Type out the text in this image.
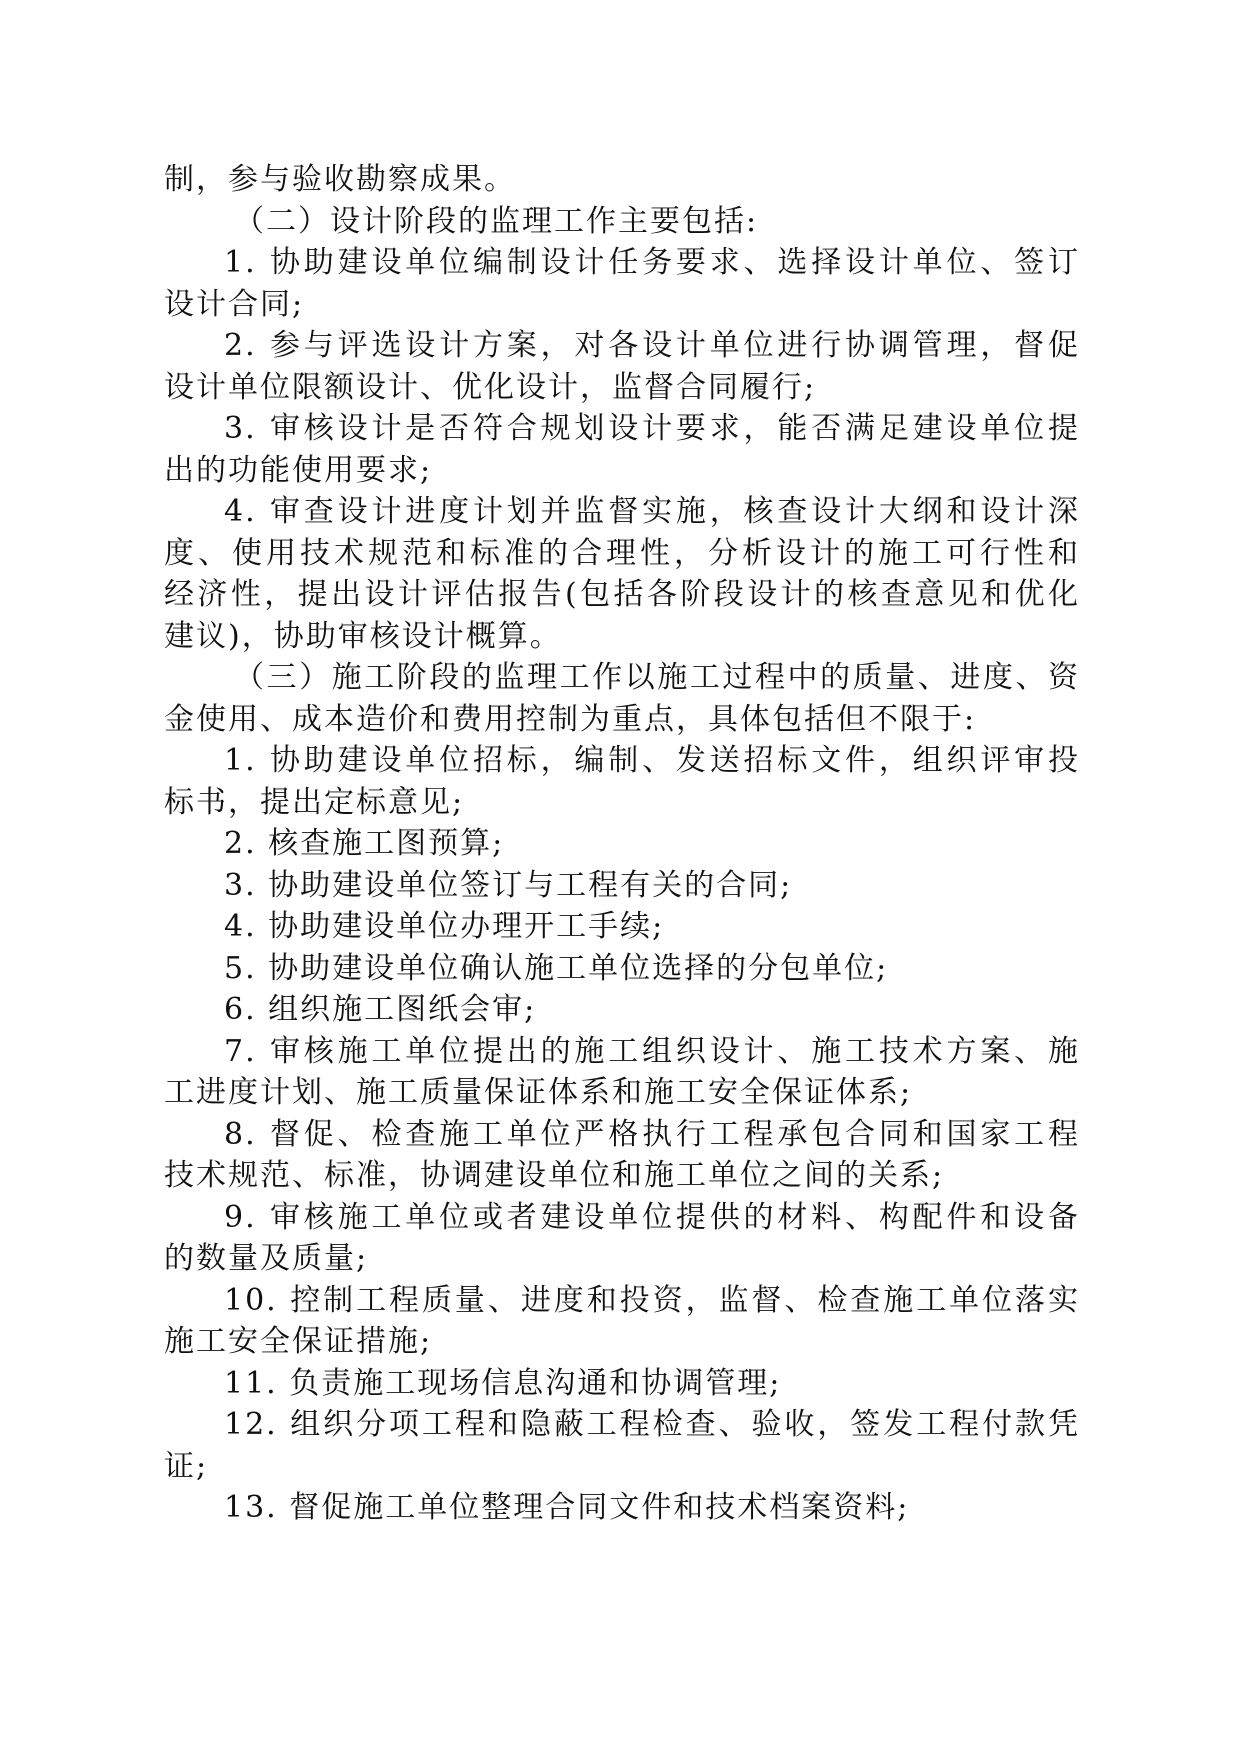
制，参与验收勘察成果。
（二）设计阶段的监理工作主要包括:
1. 协助建设单位编制设计任务要求、选择设计单位、签订
设计合同;
2. 参与评选设计方案，对各设计单位进行协调管理，督促
设计单位限额设计、优化设计，监督合同履行;
3. 审核设计是否符合规划设计要求，能否满足建设单位提
出的功能使用要求;
4. 审查设计进度计划并监督实施，核查设计大纲和设计深
度、使用技术规范和标准的合理性，分析设计的施工可行性和
经济性，提出设计评估报告(包括各阶段设计的核查意见和优化
建议)，协助审核设计概算。
（三）施工阶段的监理工作以施工过程中的质量、进度、资
金使用、成本造价和费用控制为重点，具体包括但不限于:
1. 协助建设单位招标，编制、发送招标文件，组织评审投
标书，提出定标意见;
2. 核查施工图预算;
3. 协助建设单位签订与工程有关的合同;
4. 协助建设单位办理开工手续;
5. 协助建设单位确认施工单位选择的分包单位;
6. 组织施工图纸会审;
7. 审核施工单位提出的施工组织设计、施工技术方案、施
工进度计划、施工质量保证体系和施工安全保证体系;
8. 督促、检查施工单位严格执行工程承包合同和国家工程
技术规范、标准，协调建设单位和施工单位之间的关系;
9. 审核施工单位或者建设单位提供的材料、构配件和设备
的数量及质量;
10. 控制工程质量、进度和投资，监督、检查施工单位落实
施工安全保证措施;
11. 负责施工现场信息沟通和协调管理;
12. 组织分项工程和隐蔽工程检查、验收，签发工程付款凭
证;
13. 督促施工单位整理合同文件和技术档案资料;
